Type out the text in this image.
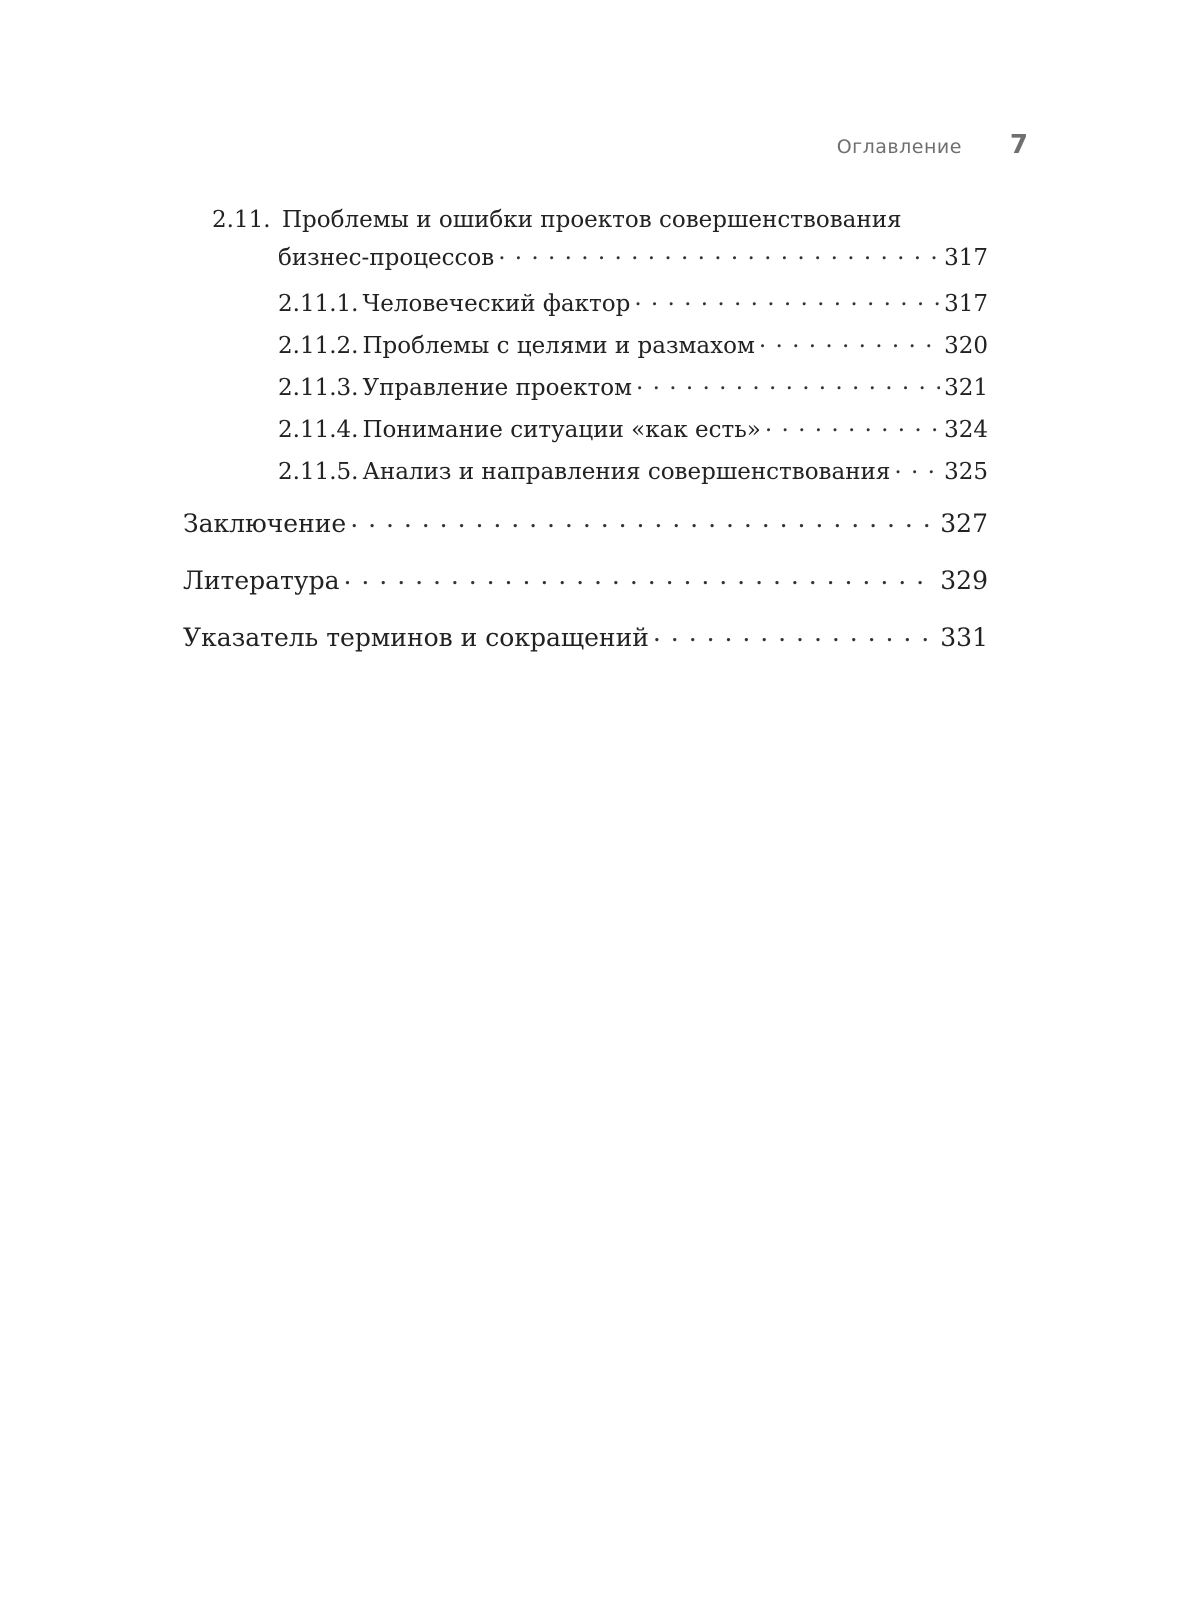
Оглавление 7
2.11. Проблемы и ошибки проектов совершенствования
бизнес-процессов . . .	317
2.11.1. Человеческий фактор . . .	317
2.11.2. Проблемы с целями и размахом . . .	320
2.11.3. Управление проектом . . .	321
2.11.4. Понимание ситуации «как есть» . . .	324
2.11.5. Анализ и направления совершенствования . . . 325
Заключение . . .	327
Литература . . .	329
Указатель терминов и сокращений . . .	331
